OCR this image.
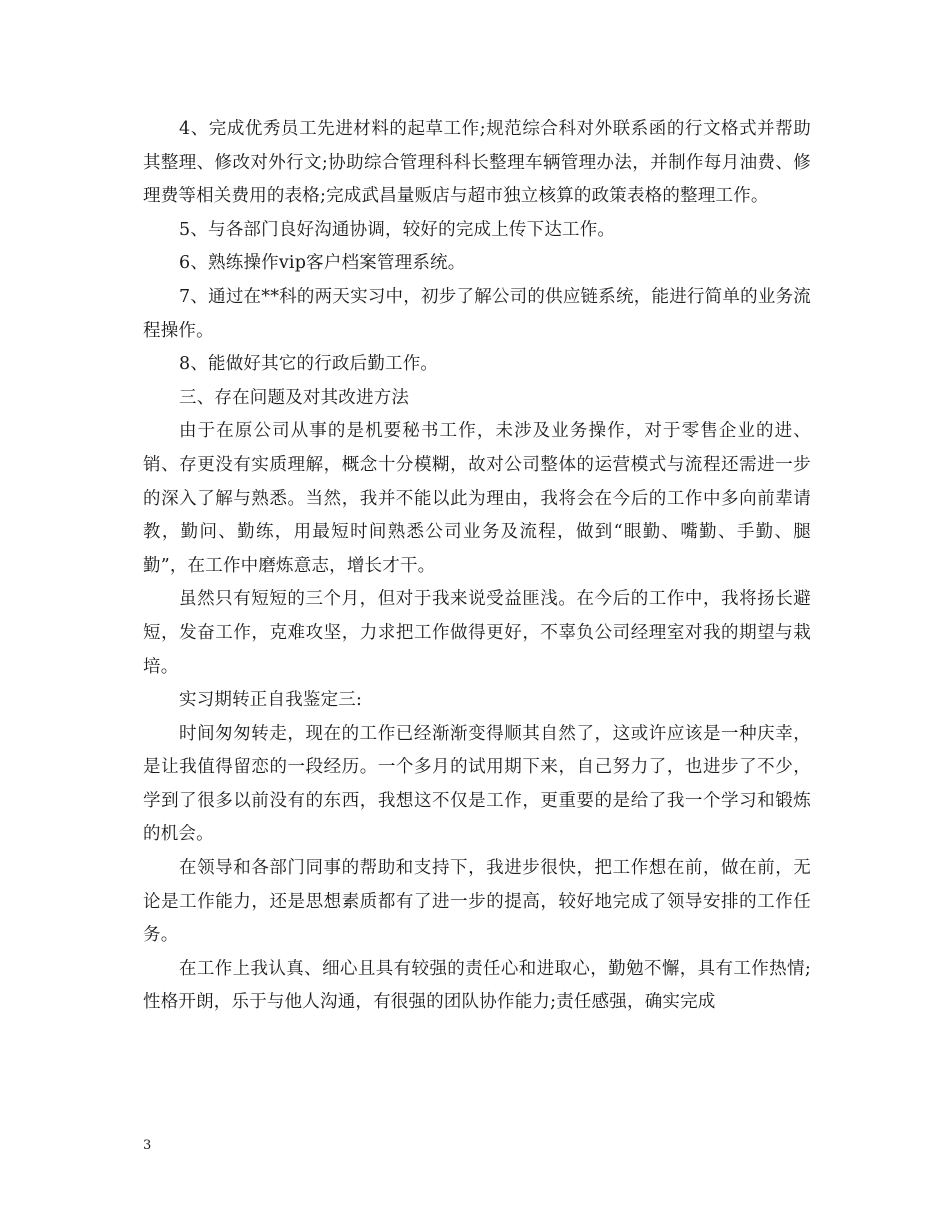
4、完成优秀员工先进材料的起草工作;规范综合科对外联系函的行文格式并帮助其整理、修改对外行文;协助综合管理科科长整理车辆管理办法，并制作每月油费、修理费等相关费用的表格;完成武昌量贩店与超市独立核算的政策表格的整理工作。

5、与各部门良好沟通协调，较好的完成上传下达工作。

6、熟练操作vip客户档案管理系统。

7、通过在**科的两天实习中，初步了解公司的供应链系统，能进行简单的业务流程操作。

8、能做好其它的行政后勤工作。

三、存在问题及对其改进方法

由于在原公司从事的是机要秘书工作，未涉及业务操作，对于零售企业的进、销、存更没有实质理解，概念十分模糊，故对公司整体的运营模式与流程还需进一步的深入了解与熟悉。当然，我并不能以此为理由，我将会在今后的工作中多向前辈请教，勤问、勤练，用最短时间熟悉公司业务及流程，做到“眼勤、嘴勤、手勤、腿勤”，在工作中磨炼意志，增长才干。

虽然只有短短的三个月，但对于我来说受益匪浅。在今后的工作中，我将扬长避短，发奋工作，克难攻坚，力求把工作做得更好，不辜负公司经理室对我的期望与栽培。

实习期转正自我鉴定三:

时间匆匆转走，现在的工作已经渐渐变得顺其自然了，这或许应该是一种庆幸，是让我值得留恋的一段经历。一个多月的试用期下来，自己努力了，也进步了不少，学到了很多以前没有的东西，我想这不仅是工作，更重要的是给了我一个学习和锻炼的机会。

在领导和各部门同事的帮助和支持下，我进步很快，把工作想在前，做在前，无论是工作能力，还是思想素质都有了进一步的提高，较好地完成了领导安排的工作任务。

在工作上我认真、细心且具有较强的责任心和进取心，勤勉不懈，具有工作热情;性格开朗，乐于与他人沟通，有很强的团队协作能力;责任感强，确实完成

3
